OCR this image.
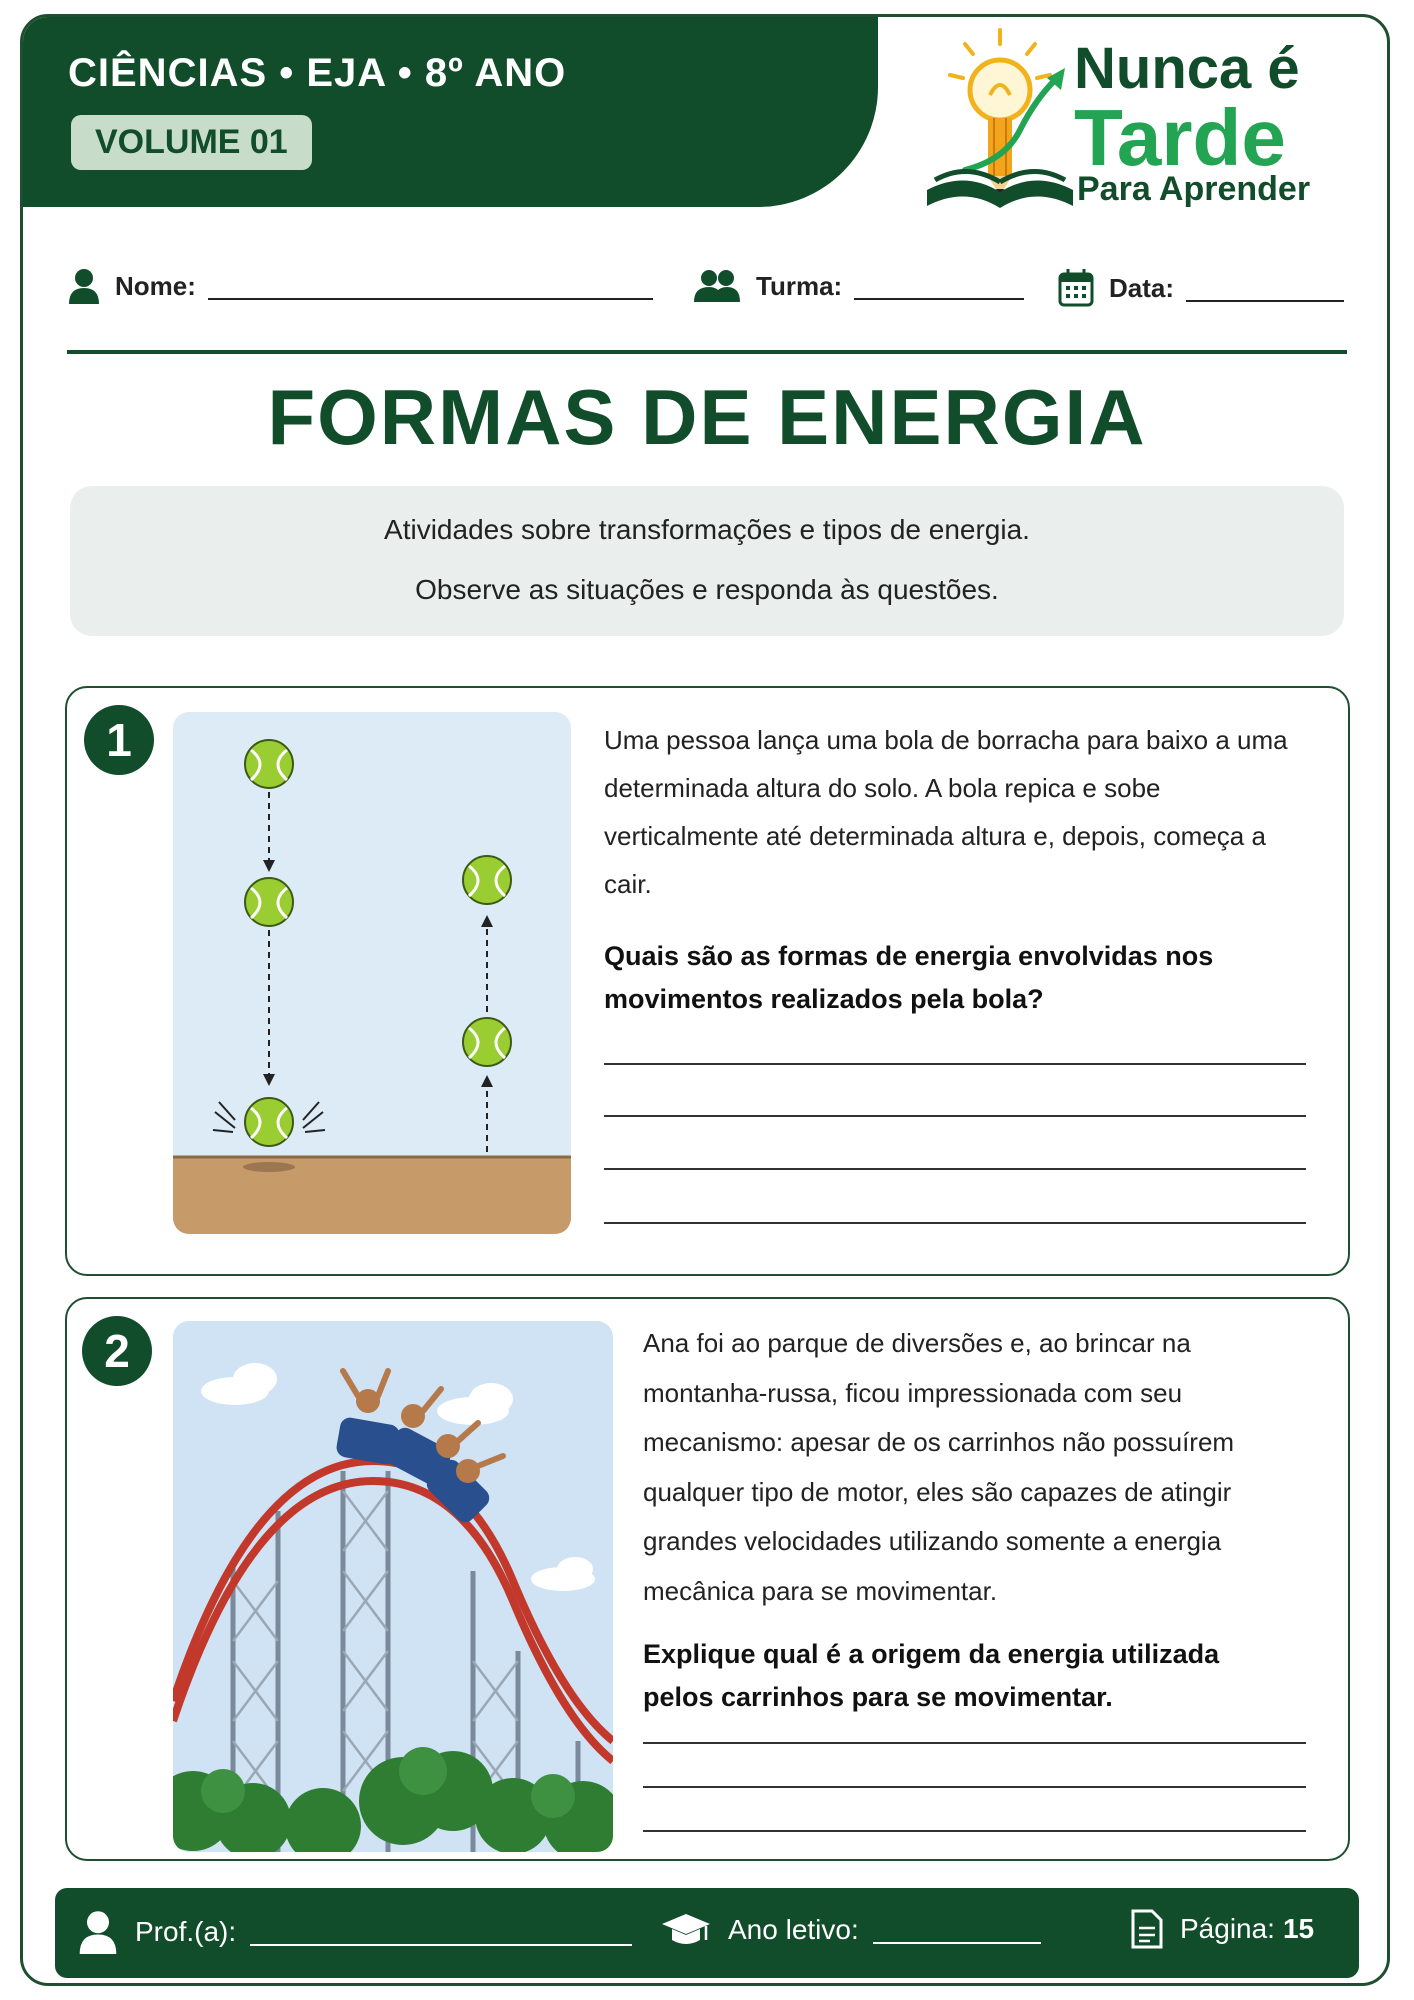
CIÊNCIAS • EJA • 8º ANO
VOLUME 01
Nunca é
Tarde
Para Aprender
Nome:	Turma:	Data:
FORMAS DE ENERGIA

Atividades sobre transformações e tipos de energia.

Observe as situações e responda às questões.

1	Uma pessoa lança uma bola de borracha para baixo a uma determinada altura do solo. A bola repica e sobe verticalmente até determinada altura e, depois, começa a cair.
Quais são as formas de energia envolvidas nos movimentos realizados pela bola?
2	Ana foi ao parque de diversões e, ao brincar na montanha-russa, ficou impressionada com seu mecanismo: apesar de os carrinhos não possuírem qualquer tipo de motor, eles são capazes de atingir grandes velocidades utilizando somente a energia mecânica para se movimentar.
Explique qual é a origem da energia utilizada pelos carrinhos para se movimentar.
Prof.(a):	Ano letivo:	Página: 15
